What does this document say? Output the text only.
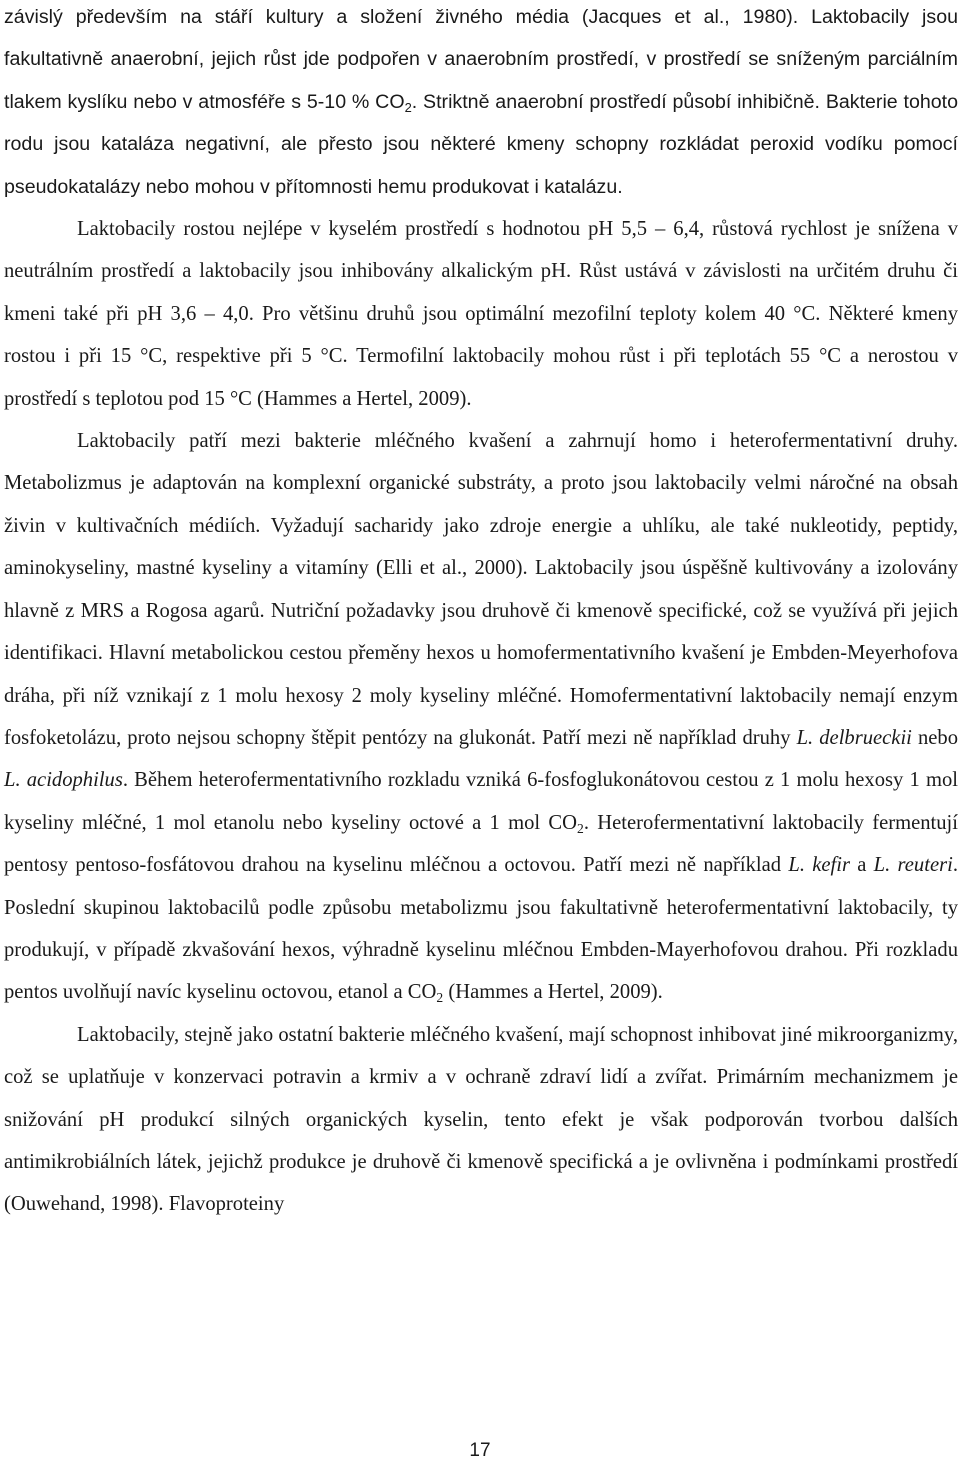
závislý především na stáří kultury a složení živného média (Jacques et al., 1980). Laktobacily jsou fakultativně anaerobní, jejich růst jde podpořen v anaerobním prostředí, v prostředí se sníženým parciálním tlakem kyslíku nebo v atmosféře s 5-10 % $CO_2$. Striktně anaerobní prostředí působí inhibičně. Bakterie tohoto rodu jsou kataláza negativní, ale přesto jsou některé kmeny schopny rozkládat peroxid vodíku pomocí pseudokatalázy nebo mohou v přítomnosti hemu produkovat i katalázu.

Laktobacily rostou nejlépe v kyselém prostředí s hodnotou pH 5,5 – 6,4, růstová rychlost je snížena v neutrálním prostředí a laktobacily jsou inhibovány alkalickým pH. Růst ustává v závislosti na určitém druhu či kmeni také při pH 3,6 – 4,0. Pro většinu druhů jsou optimální mezofilní teploty kolem 40 °C. Některé kmeny rostou i při 15 °C, respektive při 5 °C. Termofilní laktobacily mohou růst i při teplotách 55 °C a nerostou v prostředí s teplotou pod 15 °C (Hammes a Hertel, 2009).

Laktobacily patří mezi bakterie mléčného kvašení a zahrnují homo i heterofermentativní druhy. Metabolizmus je adaptován na komplexní organické substráty, a proto jsou laktobacily velmi náročné na obsah živin v kultivačních médiích. Vyžadují sacharidy jako zdroje energie a uhlíku, ale také nukleotidy, peptidy, aminokyseliny, mastné kyseliny a vitamíny (Elli et al., 2000). Laktobacily jsou úspěšně kultivovány a izolovány hlavně z MRS a Rogosa agarů. Nutriční požadavky jsou druhově či kmenově specifické, což se využívá při jejich identifikaci. Hlavní metabolickou cestou přeměny hexos u homofermentativního kvašení je Embden-Meyerhofova dráha, při níž vznikají z 1 molu hexosy 2 moly kyseliny mléčné. Homofermentativní laktobacily nemají enzym fosfoketolázu, proto nejsou schopny štěpit pentózy na glukonát. Patří mezi ně například druhy L. delbrueckii nebo L. acidophilus. Během heterofermentativního rozkladu vzniká 6-fosfoglukonátovou cestou z 1 molu hexosy 1 mol kyseliny mléčné, 1 mol etanolu nebo kyseliny octové a 1 mol $CO_2$. Heterofermentativní laktobacily fermentují pentosy pentoso-fosfátovou drahou na kyselinu mléčnou a octovou. Patří mezi ně například L. kefir a L. reuteri. Poslední skupinou laktobacilů podle způsobu metabolizmu jsou fakultativně heterofermentativní laktobacily, ty produkují, v případě zkvašování hexos, výhradně kyselinu mléčnou Embden-Mayerhofovou drahou. Při rozkladu pentos uvolňují navíc kyselinu octovou, etanol a $CO_2$ (Hammes a Hertel, 2009).

Laktobacily, stejně jako ostatní bakterie mléčného kvašení, mají schopnost inhibovat jiné mikroorganizmy, což se uplatňuje v konzervaci potravin a krmiv a v ochraně zdraví lidí a zvířat. Primárním mechanizmem je snižování pH produkcí silných organických kyselin, tento efekt je však podporován tvorbou dalších antimikrobiálních látek, jejichž produkce je druhově či kmenově specifická a je ovlivněna i podmínkami prostředí (Ouwehand, 1998). Flavoproteiny

17
